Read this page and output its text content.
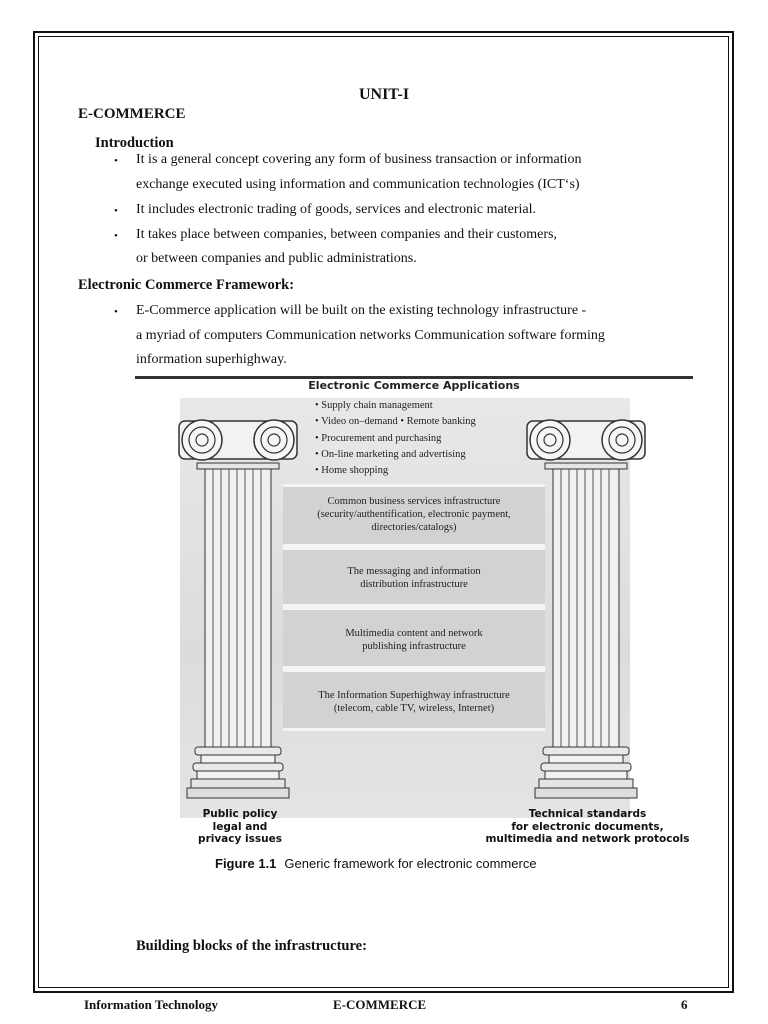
UNIT-I
E-COMMERCE
Introduction
• It is a general concept covering any form of business transaction or information
exchange executed using information and communication technologies (ICT‘s)
• It includes electronic trading of goods, services and electronic material.
• It takes place between companies, between companies and their customers,
or between companies and public administrations.
Electronic Commerce Framework:
• E-Commerce application will be built on the existing technology infrastructure -
a myriad of computers Communication networks Communication software forming
information superhighway.
Electronic Commerce Applications
• Supply chain management
• Video on–demand • Remote banking
• Procurement and purchasing
• On-line marketing and advertising
• Home shopping
Common business services infrastructure
(security/authentification, electronic payment,
directories/catalogs)
The messaging and information
distribution infrastructure
Multimedia content and network
publishing infrastructure
The Information Superhighway infrastructure
(telecom, cable TV, wireless, Internet)
Public policy
legal and
privacy issues
Technical standards
for electronic documents,
multimedia and network protocols
Figure 1.1 Generic framework for electronic commerce
Building blocks of the infrastructure:
Information Technology	E-COMMERCE	6
